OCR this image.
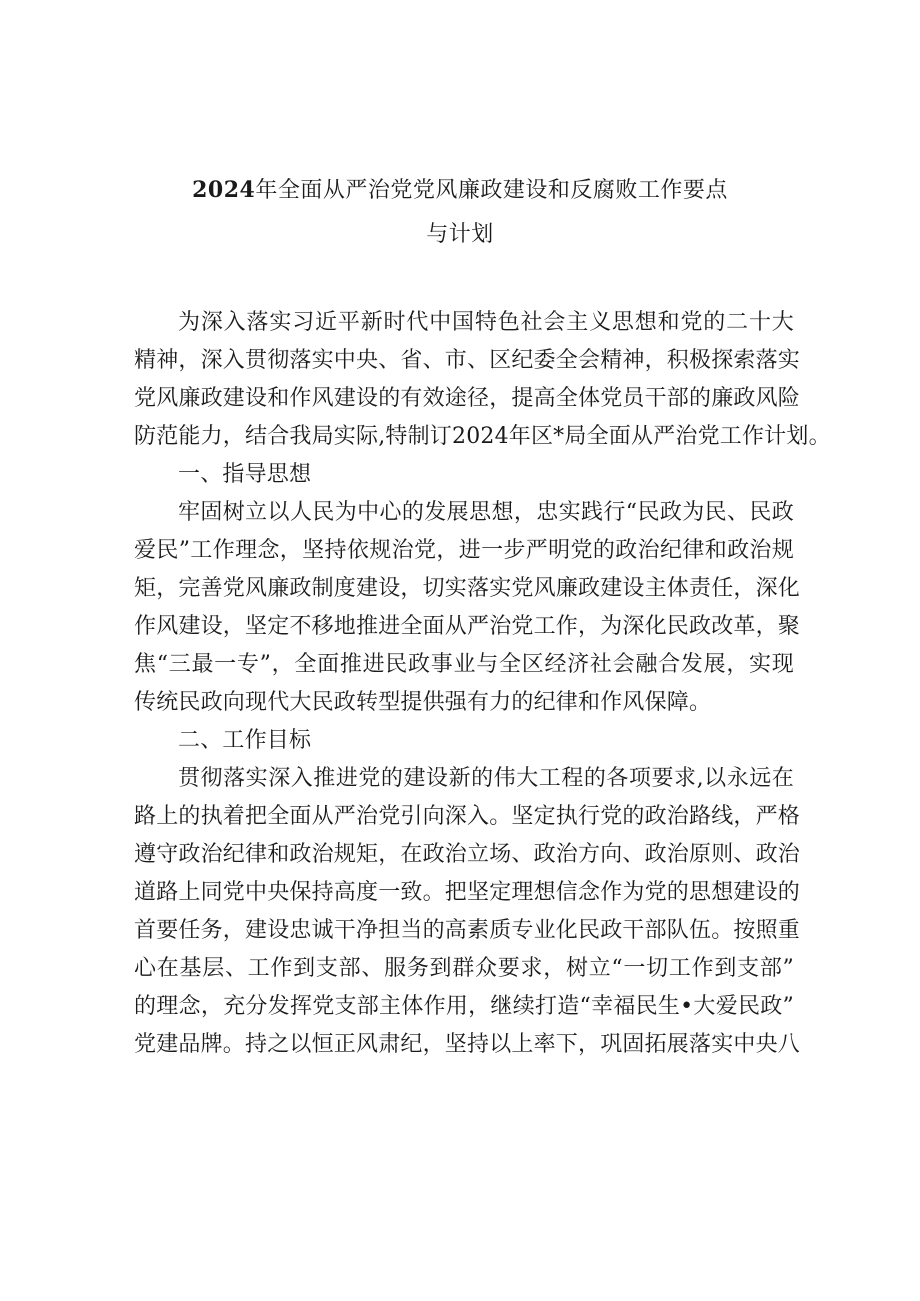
2024年全面从严治党党风廉政建设和反腐败工作要点
与计划
为深入落实习近平新时代中国特色社会主义思想和党的二十大
精神，深入贯彻落实中央、省、市、区纪委全会精神，积极探索落实
党风廉政建设和作风建设的有效途径，提高全体党员干部的廉政风险
防范能力，结合我局实际,特制订2024年区*局全面从严治党工作计划。
一、指导思想
牢固树立以人民为中心的发展思想，忠实践行“民政为民、民政
爱民”工作理念，坚持依规治党，进一步严明党的政治纪律和政治规
矩，完善党风廉政制度建设，切实落实党风廉政建设主体责任，深化
作风建设，坚定不移地推进全面从严治党工作，为深化民政改革，聚
焦“三最一专”，全面推进民政事业与全区经济社会融合发展，实现
传统民政向现代大民政转型提供强有力的纪律和作风保障。
二、工作目标
贯彻落实深入推进党的建设新的伟大工程的各项要求,以永远在
路上的执着把全面从严治党引向深入。坚定执行党的政治路线，严格
遵守政治纪律和政治规矩，在政治立场、政治方向、政治原则、政治
道路上同党中央保持高度一致。把坚定理想信念作为党的思想建设的
首要任务，建设忠诚干净担当的高素质专业化民政干部队伍。按照重
心在基层、工作到支部、服务到群众要求，树立“一切工作到支部”
的理念，充分发挥党支部主体作用，继续打造“幸福民生•大爱民政”
党建品牌。持之以恒正风肃纪，坚持以上率下，巩固拓展落实中央八
